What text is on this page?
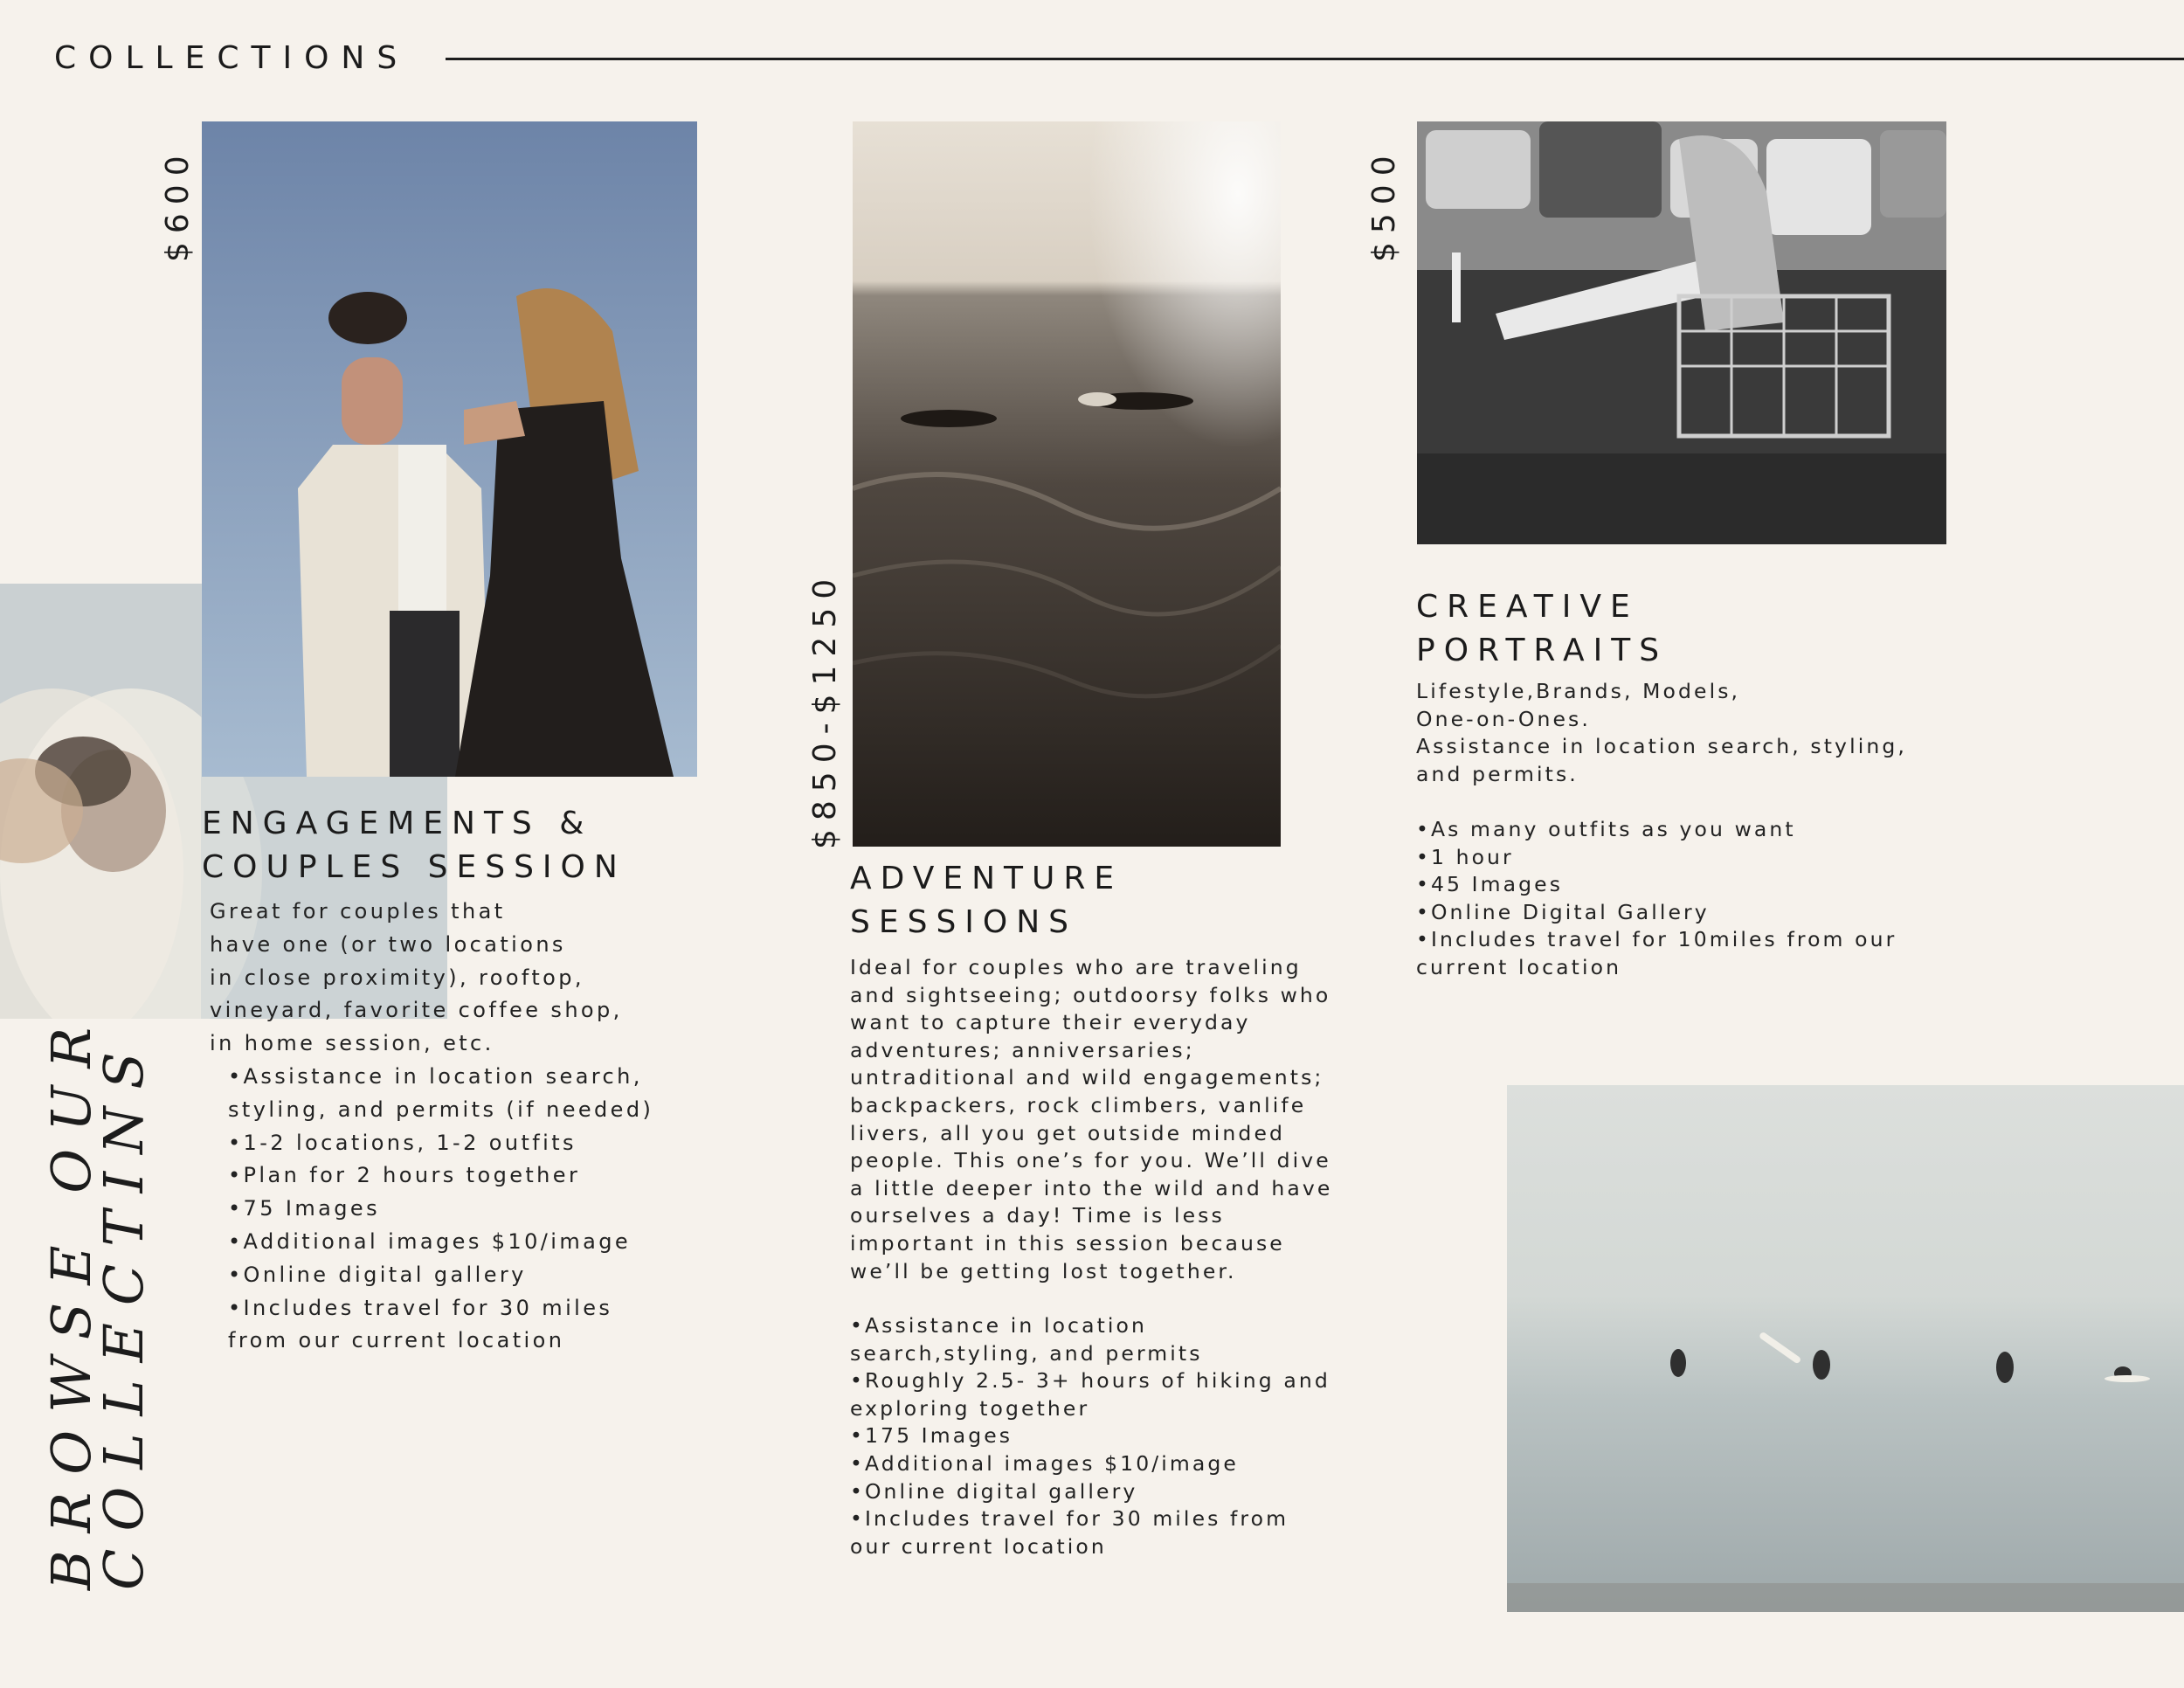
COLLECTIONS
$600
$850-$1250
$500
ENGAGEMENTS &
COUPLES SESSION
Great for couples that
have one (or two locations
in close proximity), rooftop,
vineyard, favorite coffee shop,
in home session, etc.
•Assistance in location search,
styling, and permits (if needed)
•1-2 locations, 1-2 outfits
•Plan for 2 hours together
•75 Images
•Additional images $10/image
•Online digital gallery
•Includes travel for 30 miles
from our current location
ADVENTURE
SESSIONS
Ideal for couples who are traveling
and sightseeing; outdoorsy folks who
want to capture their everyday
adventures; anniversaries;
untraditional and wild engagements;
backpackers, rock climbers, vanlife
livers, all you get outside minded
people. This one’s for you. We’ll dive
a little deeper into the wild and have
ourselves a day! Time is less
important in this session because
we’ll be getting lost together.
•Assistance in location
search,styling, and permits
•Roughly 2.5- 3+ hours of hiking and
exploring together
•175 Images
•Additional images $10/image
•Online digital gallery
•Includes travel for 30 miles from
our current location
CREATIVE
PORTRAITS
Lifestyle,Brands, Models,
One-on-Ones.
Assistance in location search, styling,
and permits.
•As many outfits as you want
•1 hour
•45 Images
•Online Digital Gallery
•Includes travel for 10miles from our
current location
BROWSE OUR
COLLECTINS
